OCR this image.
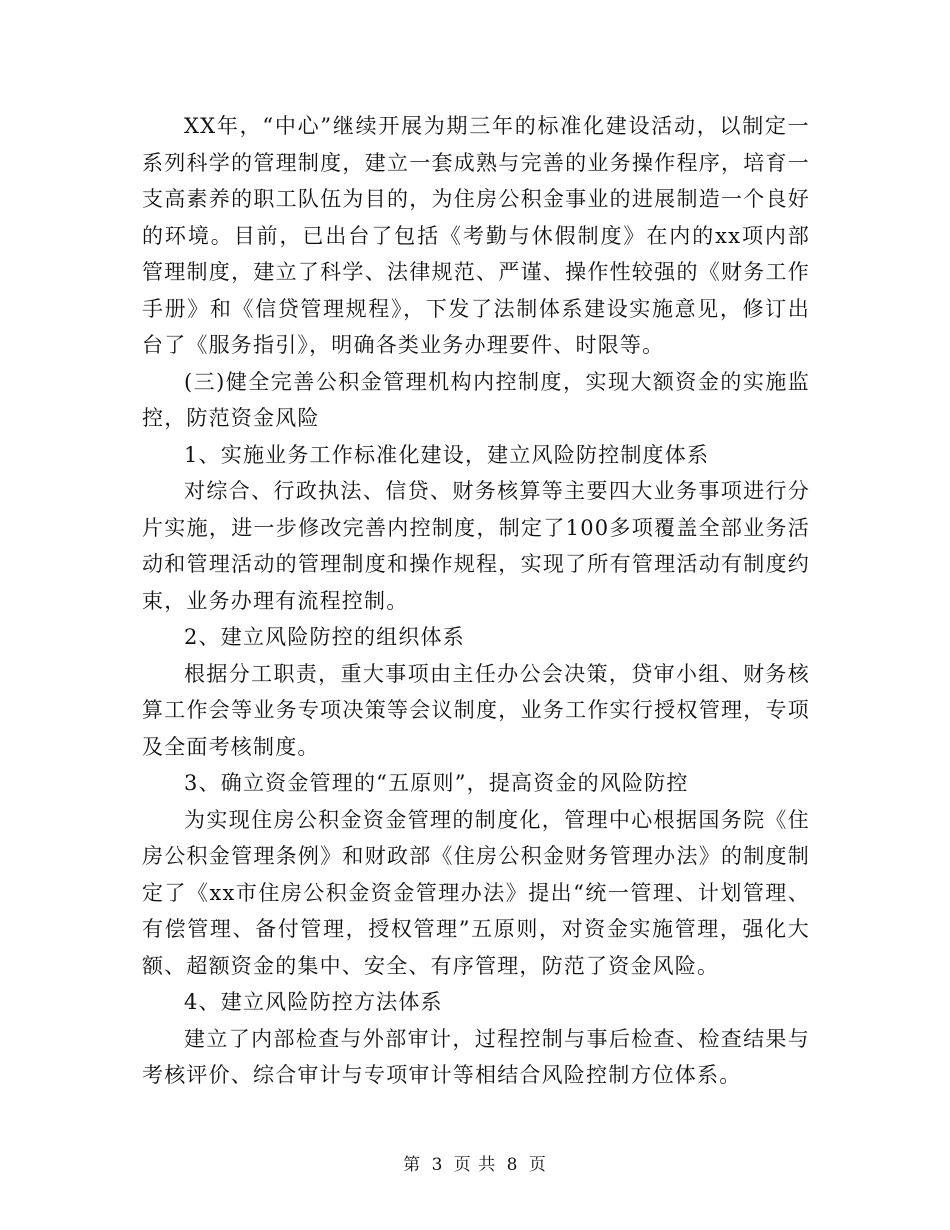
XX年，“中心”继续开展为期三年的标准化建设活动，以制定一系列科学的管理制度，建立一套成熟与完善的业务操作程序，培育一支高素养的职工队伍为目的，为住房公积金事业的进展制造一个良好的环境。目前，已出台了包括《考勤与休假制度》在内的xx项内部管理制度，建立了科学、法律规范、严谨、操作性较强的《财务工作手册》和《信贷管理规程》，下发了法制体系建设实施意见，修订出台了《服务指引》，明确各类业务办理要件、时限等。

(三)健全完善公积金管理机构内控制度，实现大额资金的实施监控，防范资金风险

1、实施业务工作标准化建设，建立风险防控制度体系

对综合、行政执法、信贷、财务核算等主要四大业务事项进行分片实施，进一步修改完善内控制度，制定了100多项覆盖全部业务活动和管理活动的管理制度和操作规程，实现了所有管理活动有制度约束，业务办理有流程控制。

2、建立风险防控的组织体系

根据分工职责，重大事项由主任办公会决策，贷审小组、财务核算工作会等业务专项决策等会议制度，业务工作实行授权管理，专项及全面考核制度。

3、确立资金管理的“五原则”，提高资金的风险防控

为实现住房公积金资金管理的制度化，管理中心根据国务院《住房公积金管理条例》和财政部《住房公积金财务管理办法》的制度制定了《xx市住房公积金资金管理办法》提出“统一管理、计划管理、有偿管理、备付管理，授权管理”五原则，对资金实施管理，强化大额、超额资金的集中、安全、有序管理，防范了资金风险。

4、建立风险防控方法体系

建立了内部检查与外部审计，过程控制与事后检查、检查结果与考核评价、综合审计与专项审计等相结合风险控制方位体系。

第 3 页 共 8 页
